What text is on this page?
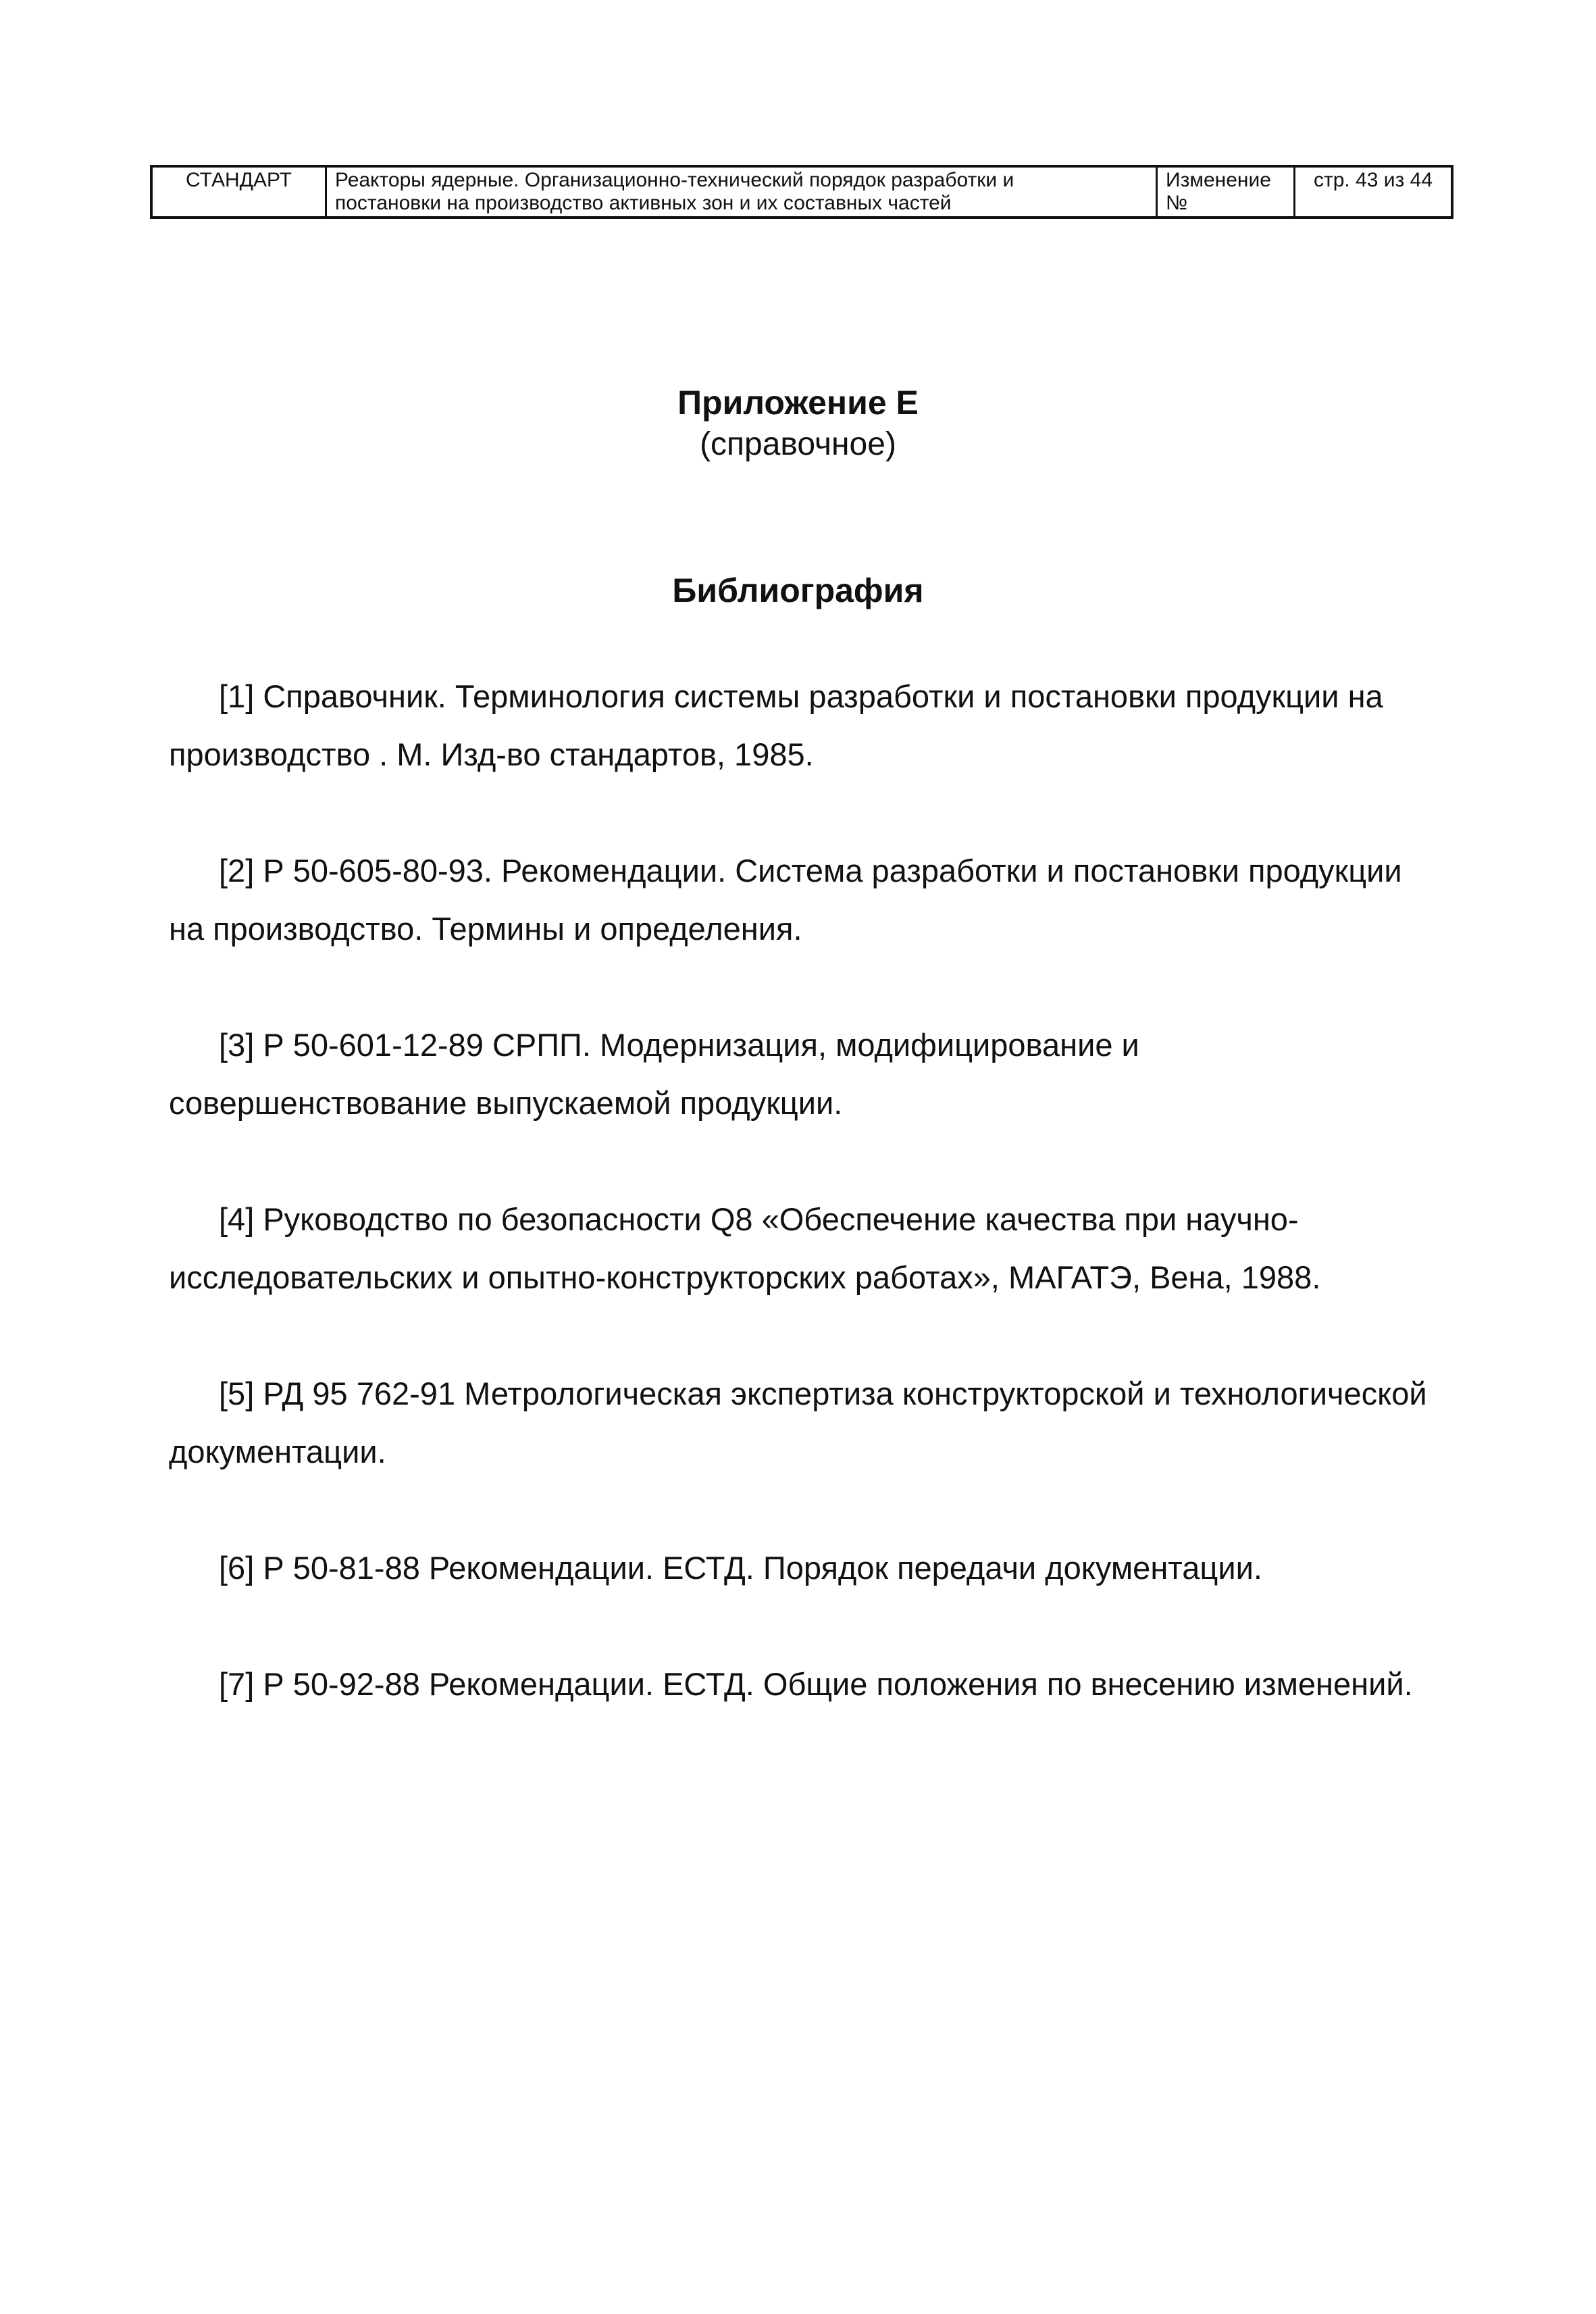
СТАНДАРТ	Реакторы ядерные. Организационно-технический порядок разработки и
постановки на производство активных зон и их составных частей
Изменение
№
стр. 43 из 44
Приложение Е
(справочное)
Библиография
[1] Справочник. Терминология системы разработки и постановки продукции на
производство . М. Изд-во стандартов, 1985.
[2] Р 50-605-80-93. Рекомендации. Система разработки и постановки продукции
на производство. Термины и определения.
[3] Р 50-601-12-89 СРПП. Модернизация, модифицирование и
совершенствование выпускаемой продукции.
[4] Руководство по безопасности Q8 «Обеспечение качества при научно-
исследовательских и опытно-конструкторских работах», МАГАТЭ, Вена, 1988.
[5] РД 95 762-91 Метрологическая экспертиза конструкторской и технологической
документации.
[6] Р 50-81-88 Рекомендации. ЕСТД. Порядок передачи документации.
[7] Р 50-92-88 Рекомендации. ЕСТД. Общие положения по внесению изменений.
